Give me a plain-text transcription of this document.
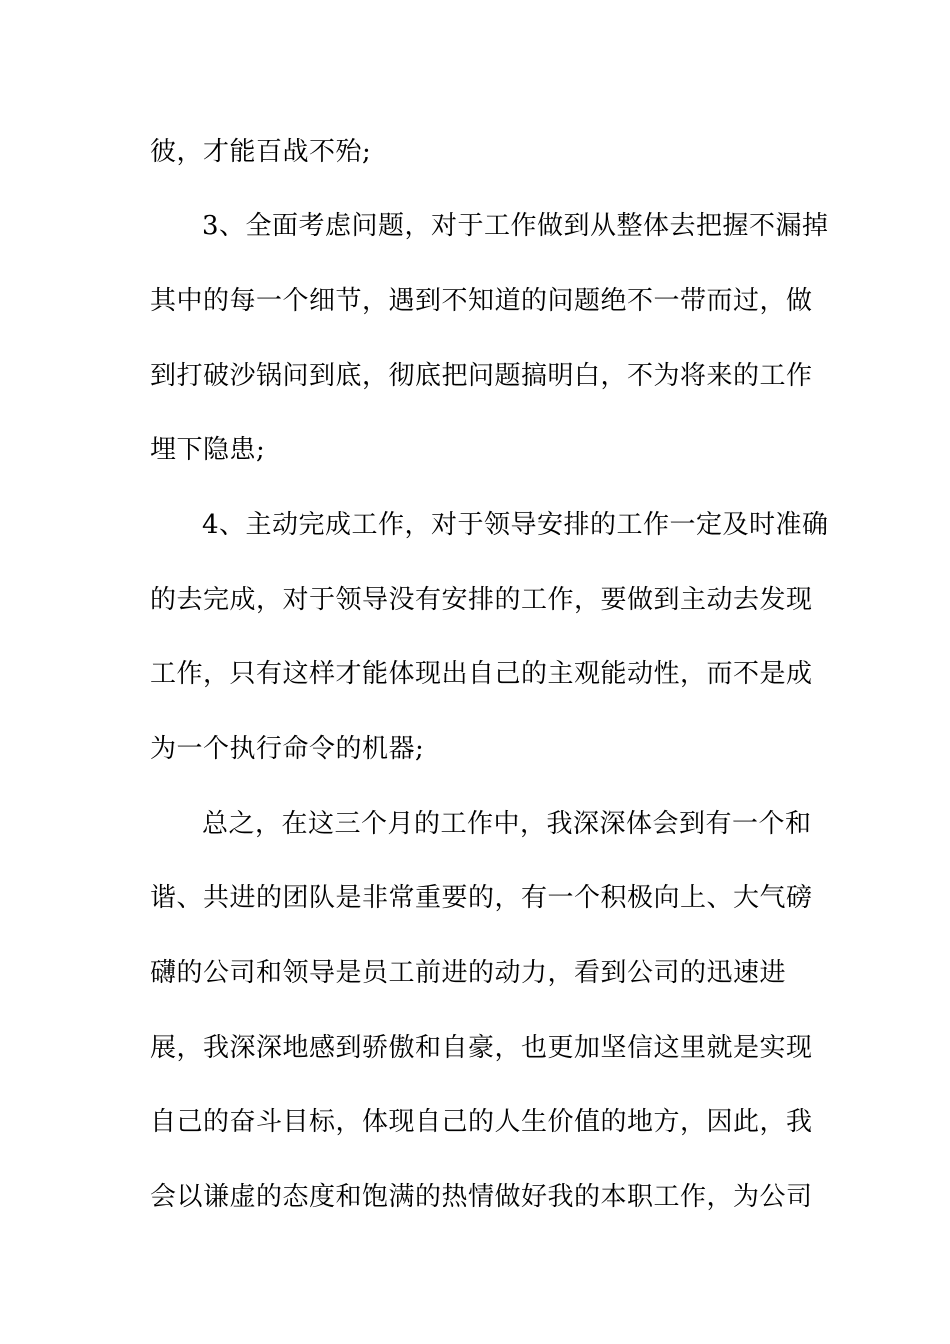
彼，才能百战不殆;
3、全面考虑问题，对于工作做到从整体去把握不漏掉
其中的每一个细节，遇到不知道的问题绝不一带而过，做
到打破沙锅问到底，彻底把问题搞明白，不为将来的工作
埋下隐患;
4、主动完成工作，对于领导安排的工作一定及时准确
的去完成，对于领导没有安排的工作，要做到主动去发现
工作，只有这样才能体现出自己的主观能动性，而不是成
为一个执行命令的机器;
总之，在这三个月的工作中，我深深体会到有一个和
谐、共进的团队是非常重要的，有一个积极向上、大气磅
礴的公司和领导是员工前进的动力，看到公司的迅速进
展，我深深地感到骄傲和自豪，也更加坚信这里就是实现
自己的奋斗目标，体现自己的人生价值的地方，因此，我
会以谦虚的态度和饱满的热情做好我的本职工作，为公司
